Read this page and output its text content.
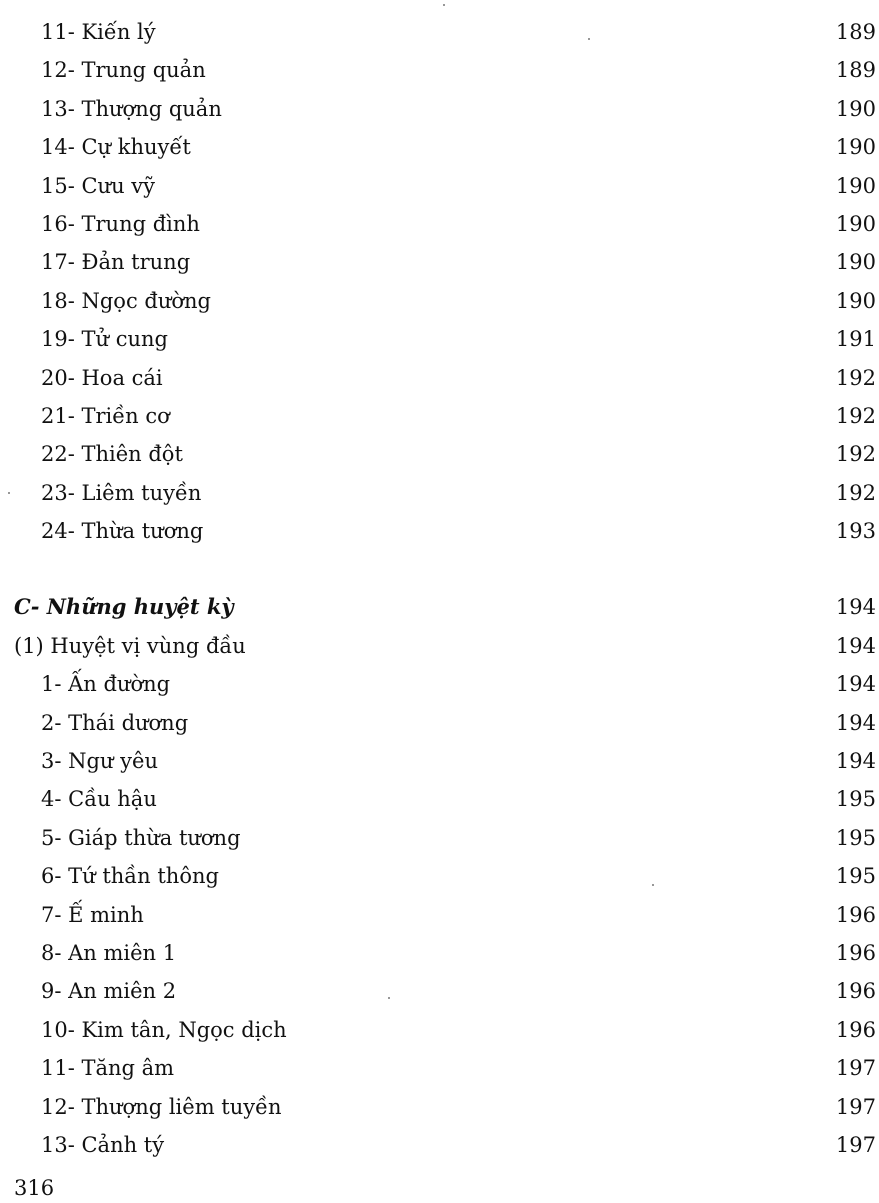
11- Kiến lý	189
12- Trung quản	189
13- Thượng quản	190
14- Cự khuyết	190
15- Cưu vỹ	190
16- Trung đình	190
17- Đản trung	190
18- Ngọc đường	190
19- Tử cung	191
20- Hoa cái	192
21- Triền cơ	192
22- Thiên đột	192
23- Liêm tuyền	192
24- Thừa tương	193
C- Những huyệt kỳ	194
(1) Huyệt vị vùng đầu	194
1- Ấn đường	194
2- Thái dương	194
3- Ngư yêu	194
4- Cầu hậu	195
5- Giáp thừa tương	195
6- Tứ thần thông	195
7- Ế minh	196
8- An miên 1	196
9- An miên 2	196
10- Kim tân, Ngọc dịch	196
11- Tăng âm	197
12- Thượng liêm tuyền	197
13- Cảnh tý	197
316
